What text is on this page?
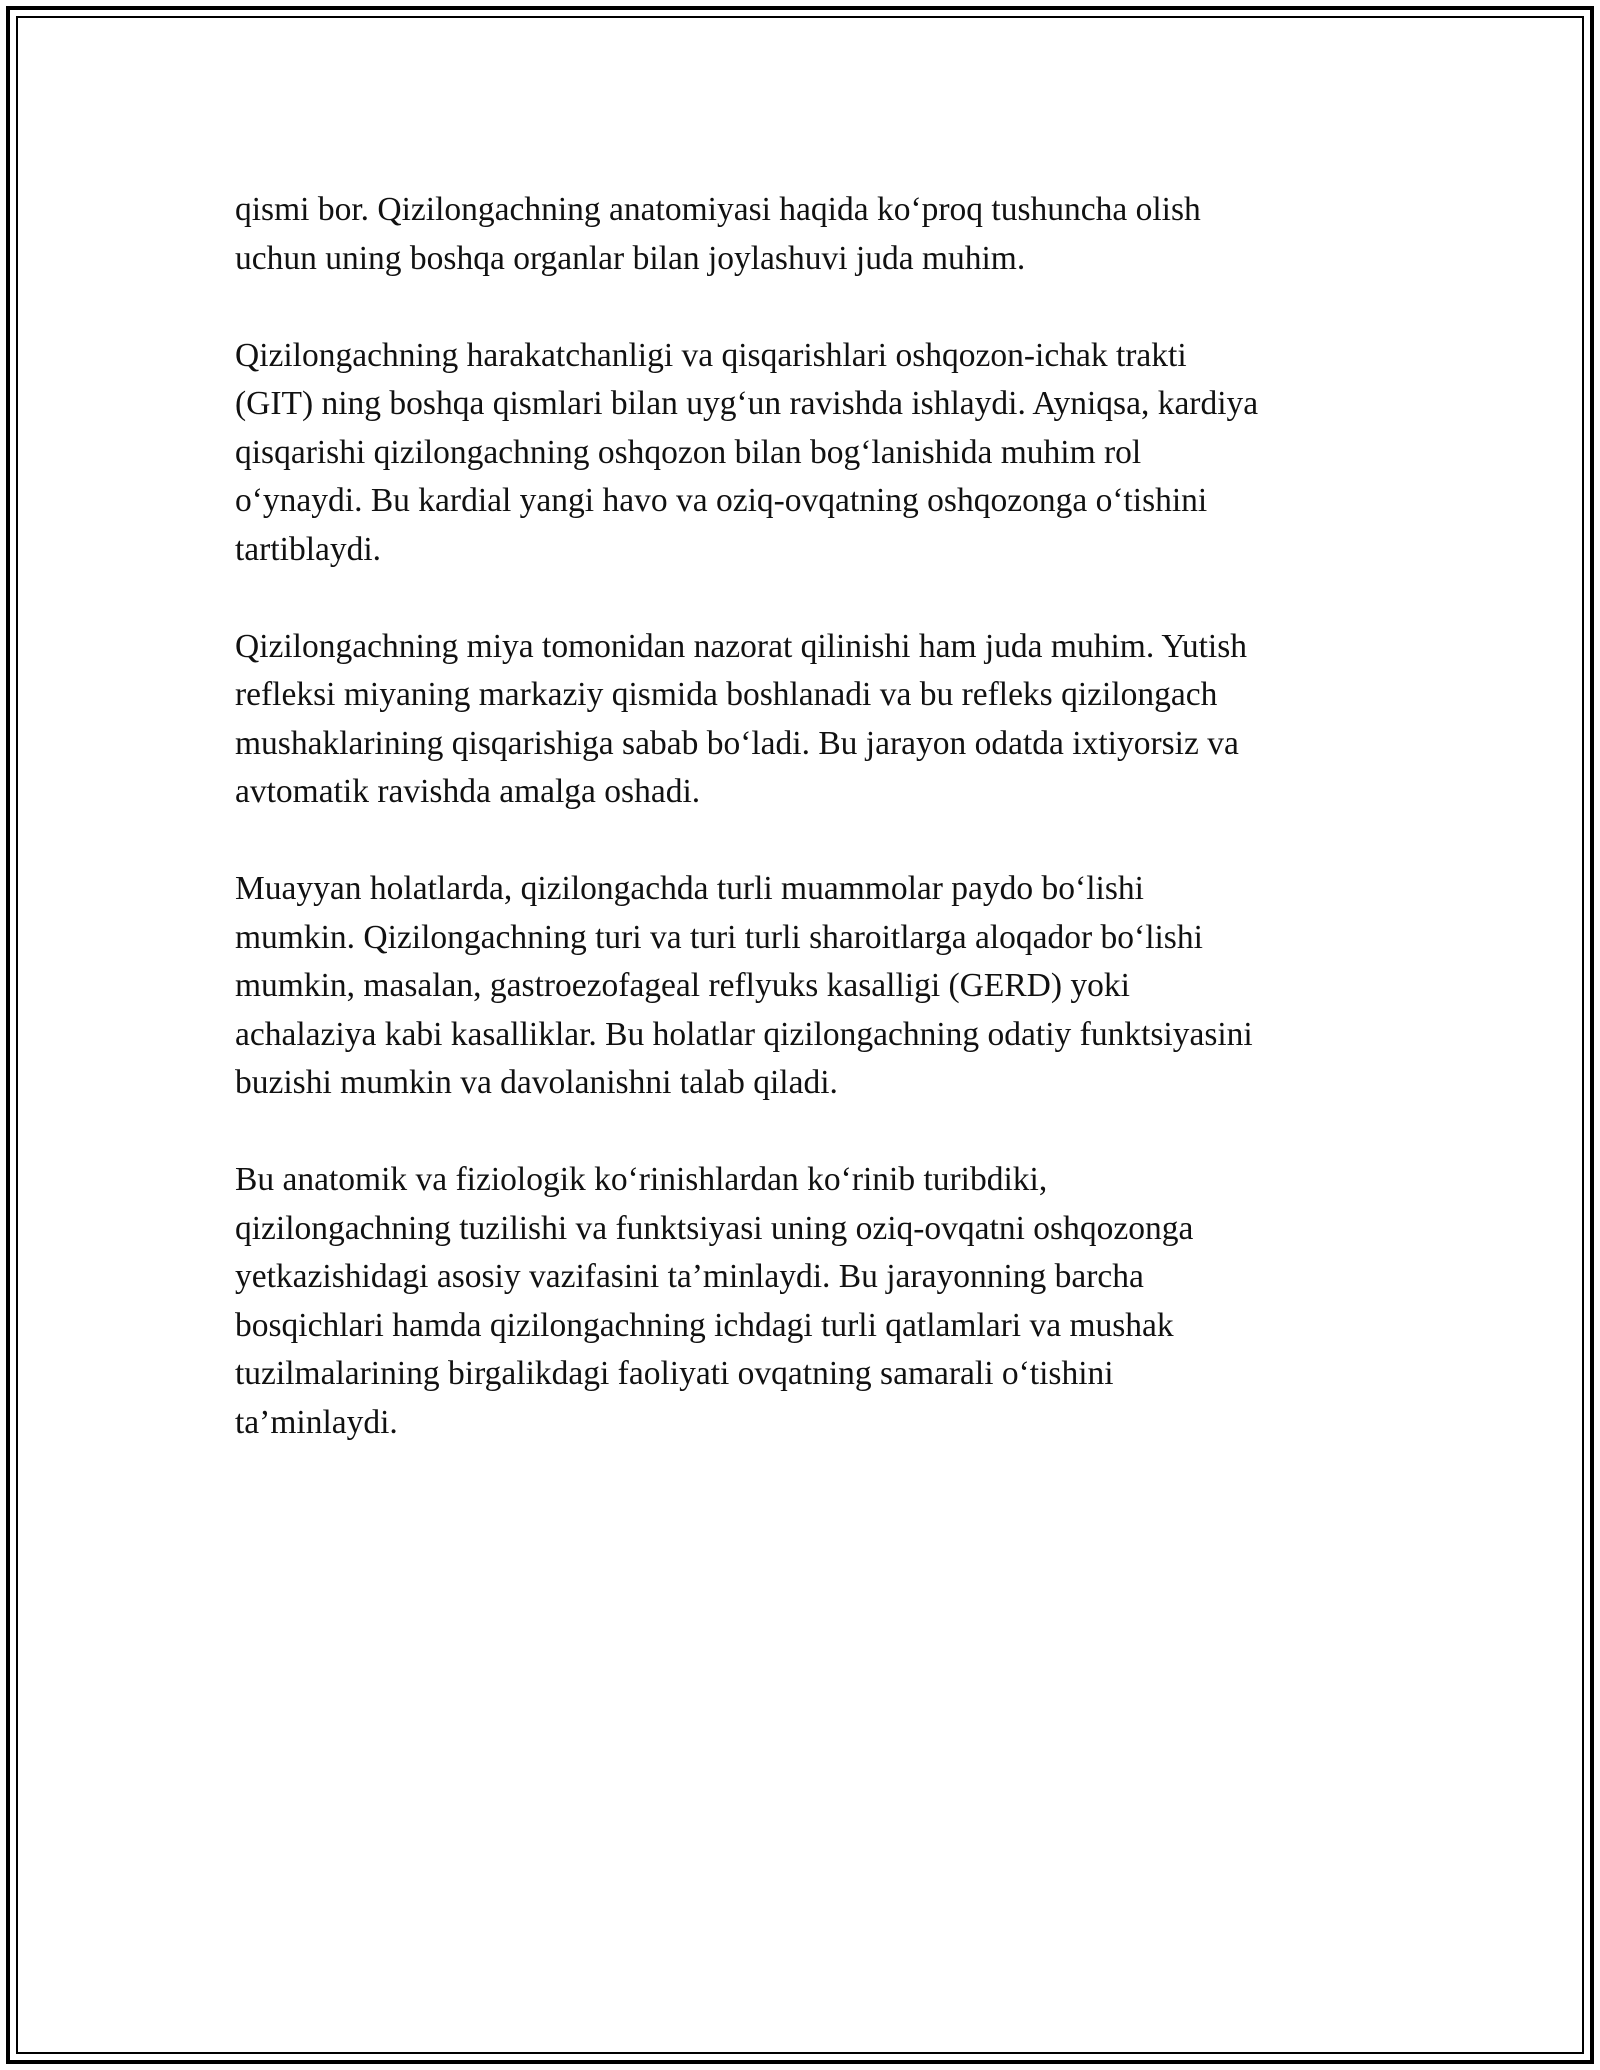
qismi bor. Qizilongachning anatomiyasi haqida ko‘proq tushuncha olish
uchun uning boshqa organlar bilan joylashuvi juda muhim.

Qizilongachning harakatchanligi va qisqarishlari oshqozon-ichak trakti
(GIT) ning boshqa qismlari bilan uyg‘un ravishda ishlaydi. Ayniqsa, kardiya
qisqarishi qizilongachning oshqozon bilan bog‘lanishida muhim rol
o‘ynaydi. Bu kardial yangi havo va oziq-ovqatning oshqozonga o‘tishini
tartiblaydi.

Qizilongachning miya tomonidan nazorat qilinishi ham juda muhim. Yutish
refleksi miyaning markaziy qismida boshlanadi va bu refleks qizilongach
mushaklarining qisqarishiga sabab bo‘ladi. Bu jarayon odatda ixtiyorsiz va
avtomatik ravishda amalga oshadi.

Muayyan holatlarda, qizilongachda turli muammolar paydo bo‘lishi
mumkin. Qizilongachning turi va turi turli sharoitlarga aloqador bo‘lishi
mumkin, masalan, gastroezofageal reflyuks kasalligi (GERD) yoki
achalaziya kabi kasalliklar. Bu holatlar qizilongachning odatiy funktsiyasini
buzishi mumkin va davolanishni talab qiladi.

Bu anatomik va fiziologik ko‘rinishlardan ko‘rinib turibdiki,
qizilongachning tuzilishi va funktsiyasi uning oziq-ovqatni oshqozonga
yetkazishidagi asosiy vazifasini ta’minlaydi. Bu jarayonning barcha
bosqichlari hamda qizilongachning ichdagi turli qatlamlari va mushak
tuzilmalarining birgalikdagi faoliyati ovqatning samarali o‘tishini
ta’minlaydi.
